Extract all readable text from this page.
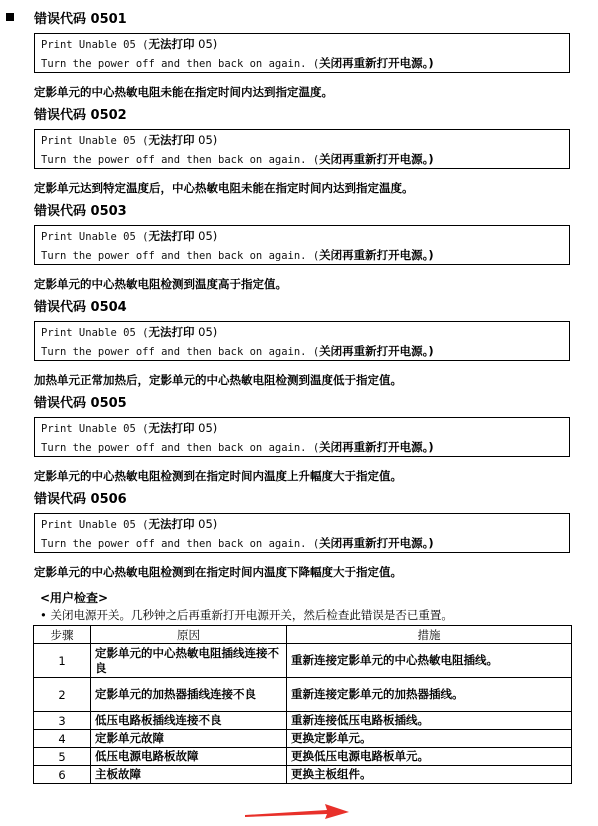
错误代码 0501
Print Unable 05 (无法打印 05)
Turn the power off and then back on again. (关闭再重新打开电源。)
定影单元的中心热敏电阻未能在指定时间内达到指定温度。
错误代码 0502
Print Unable 05 (无法打印 05)
Turn the power off and then back on again. (关闭再重新打开电源。)
定影单元达到特定温度后，中心热敏电阻未能在指定时间内达到指定温度。
错误代码 0503
Print Unable 05 (无法打印 05)
Turn the power off and then back on again. (关闭再重新打开电源。)
定影单元的中心热敏电阻检测到温度高于指定值。
错误代码 0504
Print Unable 05 (无法打印 05)
Turn the power off and then back on again. (关闭再重新打开电源。)
加热单元正常加热后，定影单元的中心热敏电阻检测到温度低于指定值。
错误代码 0505
Print Unable 05 (无法打印 05)
Turn the power off and then back on again. (关闭再重新打开电源。)
定影单元的中心热敏电阻检测到在指定时间内温度上升幅度大于指定值。
错误代码 0506
Print Unable 05 (无法打印 05)
Turn the power off and then back on again. (关闭再重新打开电源。)
定影单元的中心热敏电阻检测到在指定时间内温度下降幅度大于指定值。
<用户检查>
• 关闭电源开关。几秒钟之后再重新打开电源开关，然后检查此错误是否已重置。
步骤	原因	措施
1	定影单元的中心热敏电阻插线连接不良	重新连接定影单元的中心热敏电阻插线。
2	定影单元的加热器插线连接不良	重新连接定影单元的加热器插线。
3	低压电路板插线连接不良	重新连接低压电路板插线。
4	定影单元故障	更换定影单元。
5	低压电源电路板故障	更换低压电源电路板单元。
6	主板故障	更换主板组件。
